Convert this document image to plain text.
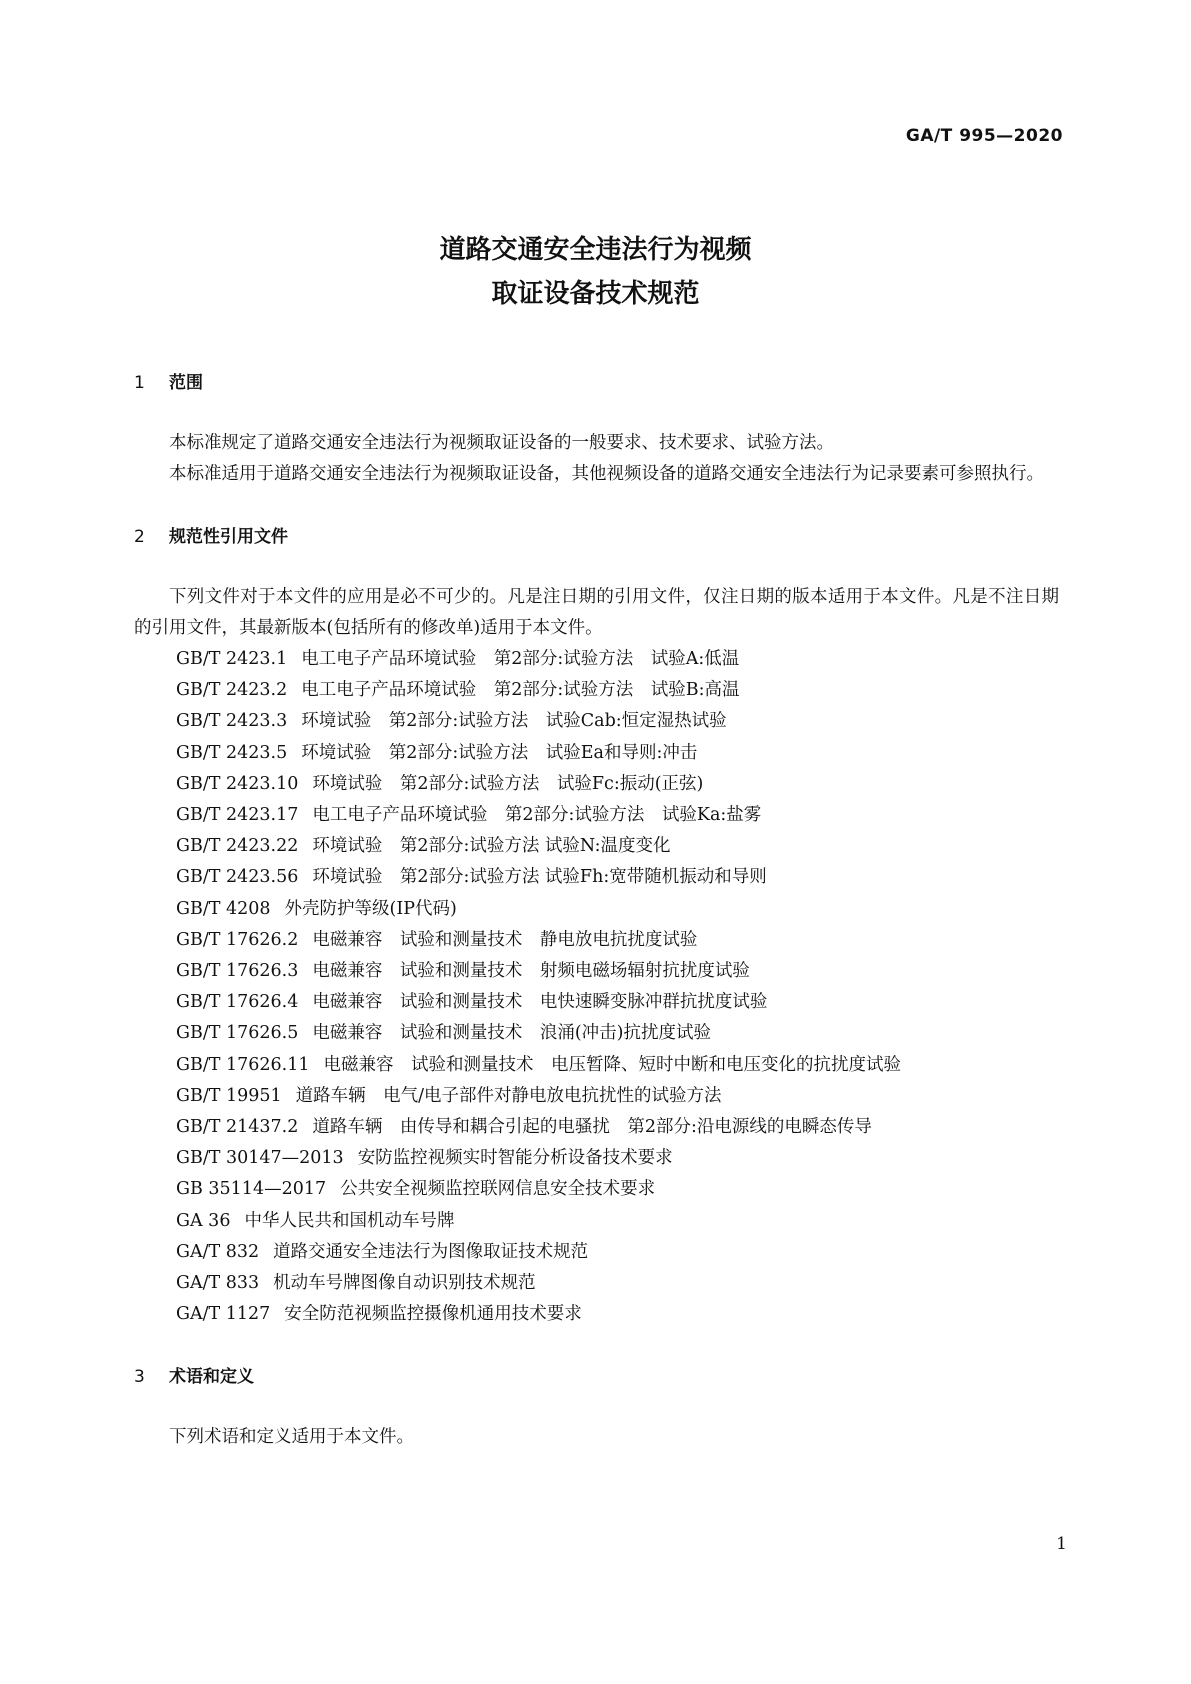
GA/T 995—2020
道路交通安全违法行为视频
取证设备技术规范
1	范围

本标准规定了道路交通安全违法行为视频取证设备的一般要求、技术要求、试验方法。

本标准适用于道路交通安全违法行为视频取证设备，其他视频设备的道路交通安全违法行为记录要素可参照执行。

2	规范性引用文件

下列文件对于本文件的应用是必不可少的。凡是注日期的引用文件，仅注日期的版本适用于本文件。凡是不注日期的引用文件，其最新版本(包括所有的修改单)适用于本文件。

GB/T 2423.1 电工电子产品环境试验　第2部分:试验方法　试验A:低温
GB/T 2423.2 电工电子产品环境试验　第2部分:试验方法　试验B:高温
GB/T 2423.3 环境试验　第2部分:试验方法　试验Cab:恒定湿热试验
GB/T 2423.5 环境试验　第2部分:试验方法　试验Ea和导则:冲击
GB/T 2423.10 环境试验　第2部分:试验方法　试验Fc:振动(正弦)
GB/T 2423.17 电工电子产品环境试验　第2部分:试验方法　试验Ka:盐雾
GB/T 2423.22 环境试验　第2部分:试验方法 试验N:温度变化
GB/T 2423.56 环境试验　第2部分:试验方法 试验Fh:宽带随机振动和导则
GB/T 4208 外壳防护等级(IP代码)
GB/T 17626.2 电磁兼容　试验和测量技术　静电放电抗扰度试验
GB/T 17626.3 电磁兼容　试验和测量技术　射频电磁场辐射抗扰度试验
GB/T 17626.4 电磁兼容　试验和测量技术　电快速瞬变脉冲群抗扰度试验
GB/T 17626.5 电磁兼容　试验和测量技术　浪涌(冲击)抗扰度试验
GB/T 17626.11 电磁兼容　试验和测量技术　电压暂降、短时中断和电压变化的抗扰度试验
GB/T 19951 道路车辆　电气/电子部件对静电放电抗扰性的试验方法
GB/T 21437.2 道路车辆　由传导和耦合引起的电骚扰　第2部分:沿电源线的电瞬态传导
GB/T 30147—2013 安防监控视频实时智能分析设备技术要求
GB 35114—2017 公共安全视频监控联网信息安全技术要求
GA 36 中华人民共和国机动车号牌
GA/T 832 道路交通安全违法行为图像取证技术规范
GA/T 833 机动车号牌图像自动识别技术规范
GA/T 1127 安全防范视频监控摄像机通用技术要求
3	术语和定义

下列术语和定义适用于本文件。

1
